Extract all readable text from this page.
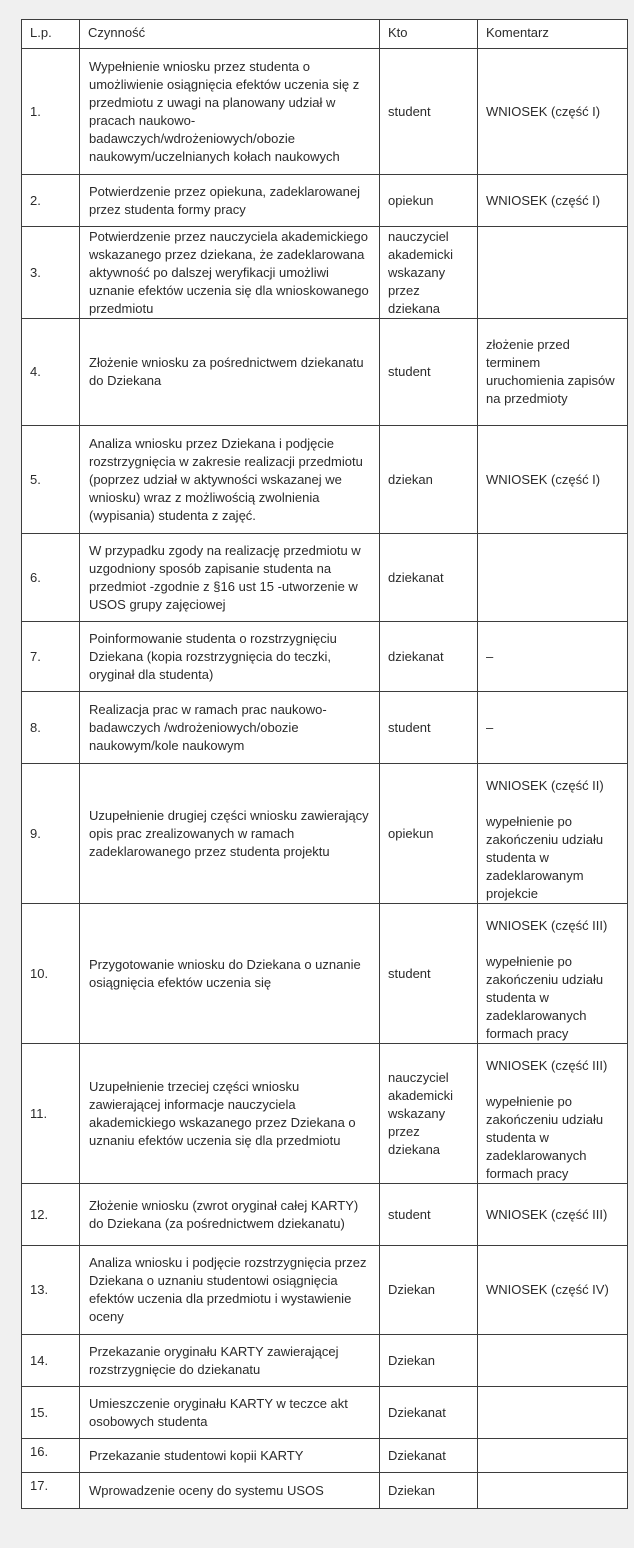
L.p.	Czynność	Kto	Komentarz
1.	Wypełnienie wniosku przez studenta o umożliwienie osiągnięcia efektów uczenia się z przedmiotu z uwagi na planowany udział w pracach naukowo-badawczych/wdrożeniowych/obozie naukowym/uczelnianych kołach naukowych	student	WNIOSEK (część I)
2.	Potwierdzenie przez opiekuna, zadeklarowanej przez studenta formy pracy	opiekun	WNIOSEK (część I)
3.	Potwierdzenie przez nauczyciela akademickiego wskazanego przez dziekana, że zadeklarowana aktywność po dalszej weryfikacji umożliwi uznanie efektów uczenia się dla wnioskowanego przedmiotu	nauczyciel akademicki wskazany przez dziekana	
4.	Złożenie wniosku za pośrednictwem dziekanatu do Dziekana	student	złożenie przed terminem uruchomienia zapisów na przedmioty
5.	Analiza wniosku przez Dziekana i podjęcie rozstrzygnięcia w zakresie realizacji przedmiotu (poprzez udział w aktywności wskazanej we wniosku) wraz z możliwością zwolnienia (wypisania) studenta z zajęć.	dziekan	WNIOSEK (część I)
6.	W przypadku zgody na realizację przedmiotu w uzgodniony sposób zapisanie studenta na przedmiot -zgodnie z §16 ust 15 -utworzenie w USOS grupy zajęciowej	dziekanat	
7.	Poinformowanie studenta o rozstrzygnięciu Dziekana (kopia rozstrzygnięcia do teczki, oryginał dla studenta)	dziekanat	–
8.	Realizacja prac w ramach prac naukowo-badawczych /wdrożeniowych/obozie naukowym/kole naukowym	student	–
9.	Uzupełnienie drugiej części wniosku zawierający opis prac zrealizowanych w ramach zadeklarowanego przez studenta projektu	opiekun	WNIOSEK (część II)

wypełnienie po zakończeniu udziału studenta w zadeklarowanym projekcie
10.	Przygotowanie wniosku do Dziekana o uznanie osiągnięcia efektów uczenia się	student	WNIOSEK (część III)

wypełnienie po zakończeniu udziału studenta w zadeklarowanych formach pracy
11.	Uzupełnienie trzeciej części wniosku zawierającej informacje nauczyciela akademickiego wskazanego przez Dziekana o uznaniu efektów uczenia się dla przedmiotu	nauczyciel akademicki wskazany przez dziekana	WNIOSEK (część III)

wypełnienie po zakończeniu udziału studenta w zadeklarowanych formach pracy
12.	Złożenie wniosku (zwrot oryginał całej KARTY) do Dziekana (za pośrednictwem dziekanatu)	student	WNIOSEK (część III)
13.	Analiza wniosku i podjęcie rozstrzygnięcia przez Dziekana o uznaniu studentowi osiągnięcia efektów uczenia dla przedmiotu i wystawienie oceny	Dziekan	WNIOSEK (część IV)
14.	Przekazanie oryginału KARTY zawierającej rozstrzygnięcie do dziekanatu	Dziekan	
15.	Umieszczenie oryginału KARTY w teczce akt osobowych studenta	Dziekanat	
16.	Przekazanie studentowi kopii KARTY	Dziekanat	
17.	Wprowadzenie oceny do systemu USOS	Dziekan	
